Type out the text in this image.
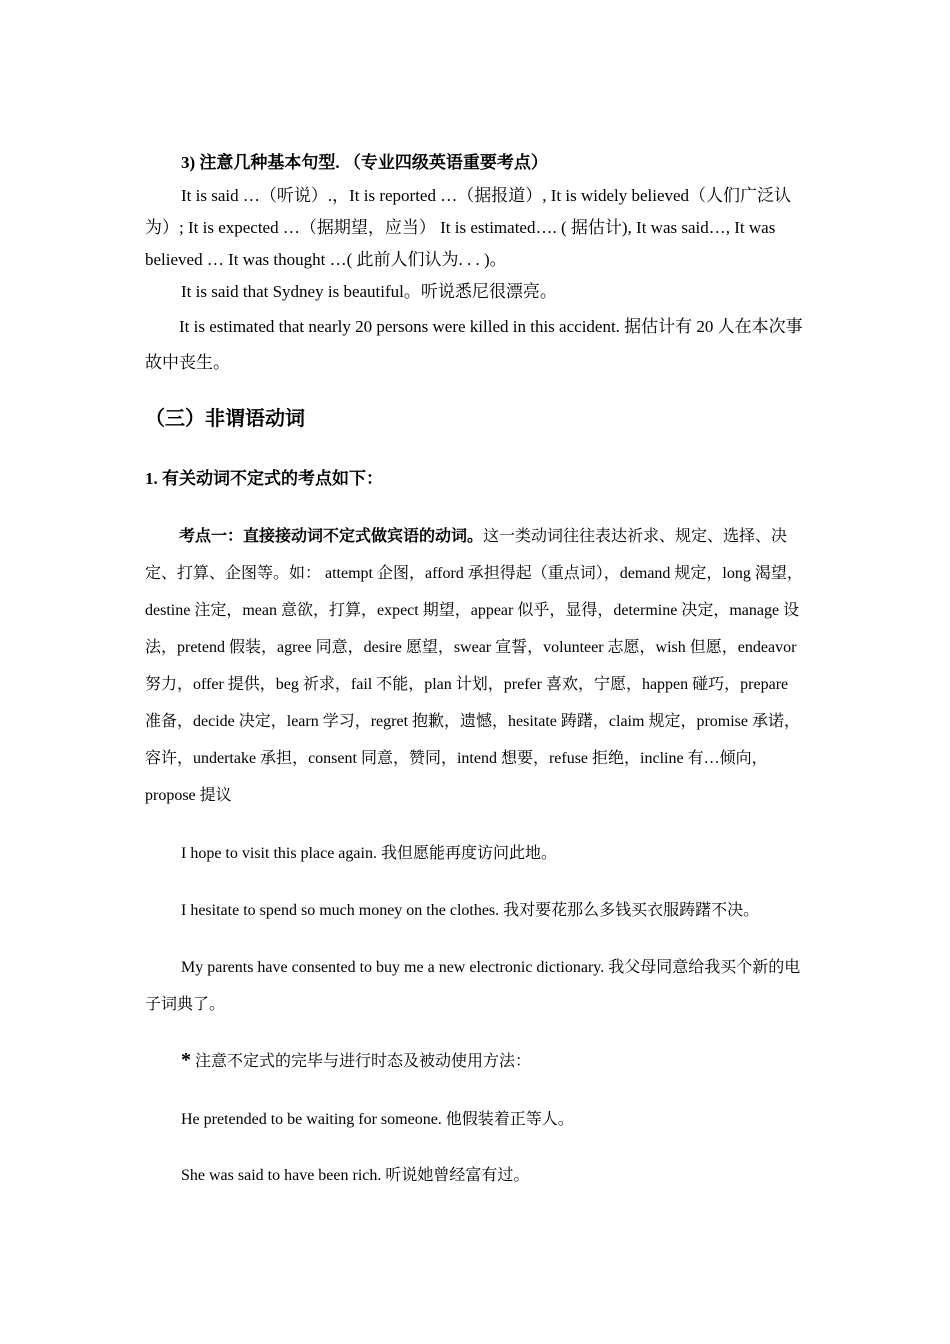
3) 注意几种基本句型. （专业四级英语重要考点）

It is said …（听说）.，It is reported …（据报道）, It is widely believed（人们广泛认为）; It is expected …（据期望，应当） It is estimated…. ( 据估计), It was said…, It was believed … It was thought …( 此前人们认为. . . )。

It is said that Sydney is beautiful。听说悉尼很漂亮。

It is estimated that nearly 20 persons were killed in this accident. 据估计有 20 人在本次事故中丧生。

（三）非谓语动词

1. 有关动词不定式的考点如下：

考点一：直接接动词不定式做宾语的动词。这一类动词往往表达祈求、规定、选择、决定、打算、企图等。如： attempt 企图，afford 承担得起（重点词），demand 规定，long 渴望，destine 注定，mean 意欲，打算，expect 期望，appear 似乎，显得，determine 决定，manage 设法，pretend 假装，agree 同意，desire 愿望，swear 宣誓，volunteer 志愿，wish 但愿，endeavor 努力，offer 提供，beg 祈求，fail 不能，plan 计划，prefer 喜欢，宁愿，happen 碰巧，prepare 准备，decide 决定，learn 学习，regret 抱歉，遗憾，hesitate 踌躇，claim 规定，promise 承诺，容许，undertake 承担，consent 同意，赞同，intend 想要，refuse 拒绝，incline 有…倾向，propose 提议

I hope to visit this place again. 我但愿能再度访问此地。

I hesitate to spend so much money on the clothes. 我对要花那么多钱买衣服踌躇不决。

My parents have consented to buy me a new electronic dictionary. 我父母同意给我买个新的电子词典了。

* 注意不定式的完毕与进行时态及被动使用方法：

He pretended to be waiting for someone. 他假装着正等人。

She was said to have been rich. 听说她曾经富有过。
